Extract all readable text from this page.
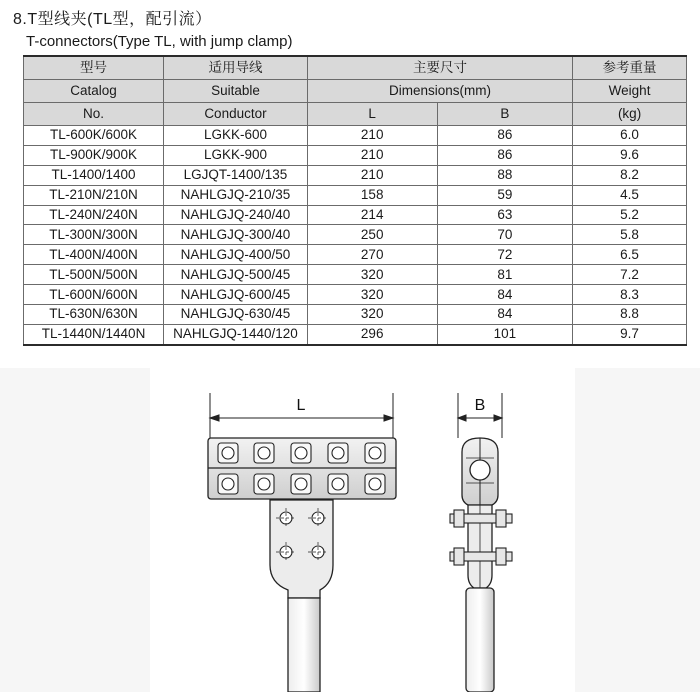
8.T型线夹(TL型，配引流）
T-connectors(Type TL, with jump clamp)
型号	适用导线	主要尺寸		参考重量
Catalog	Suitable	Dimensions(mm)		Weight
No.	Conductor	L	B	(kg)
TL-600K/600K	LGKK-600	210	86	6.0
TL-900K/900K	LGKK-900	210	86	9.6
TL-1400/1400	LGJQT-1400/135	210	88	8.2
TL-210N/210N	NAHLGJQ-210/35	158	59	4.5
TL-240N/240N	NAHLGJQ-240/40	214	63	5.2
TL-300N/300N	NAHLGJQ-300/40	250	70	5.8
TL-400N/400N	NAHLGJQ-400/50	270	72	6.5
TL-500N/500N	NAHLGJQ-500/45	320	81	7.2
TL-600N/600N	NAHLGJQ-600/45	320	84	8.3
TL-630N/630N	NAHLGJQ-630/45	320	84	8.8
TL-1440N/1440N	NAHLGJQ-1440/120	296	101	9.7
L	B
